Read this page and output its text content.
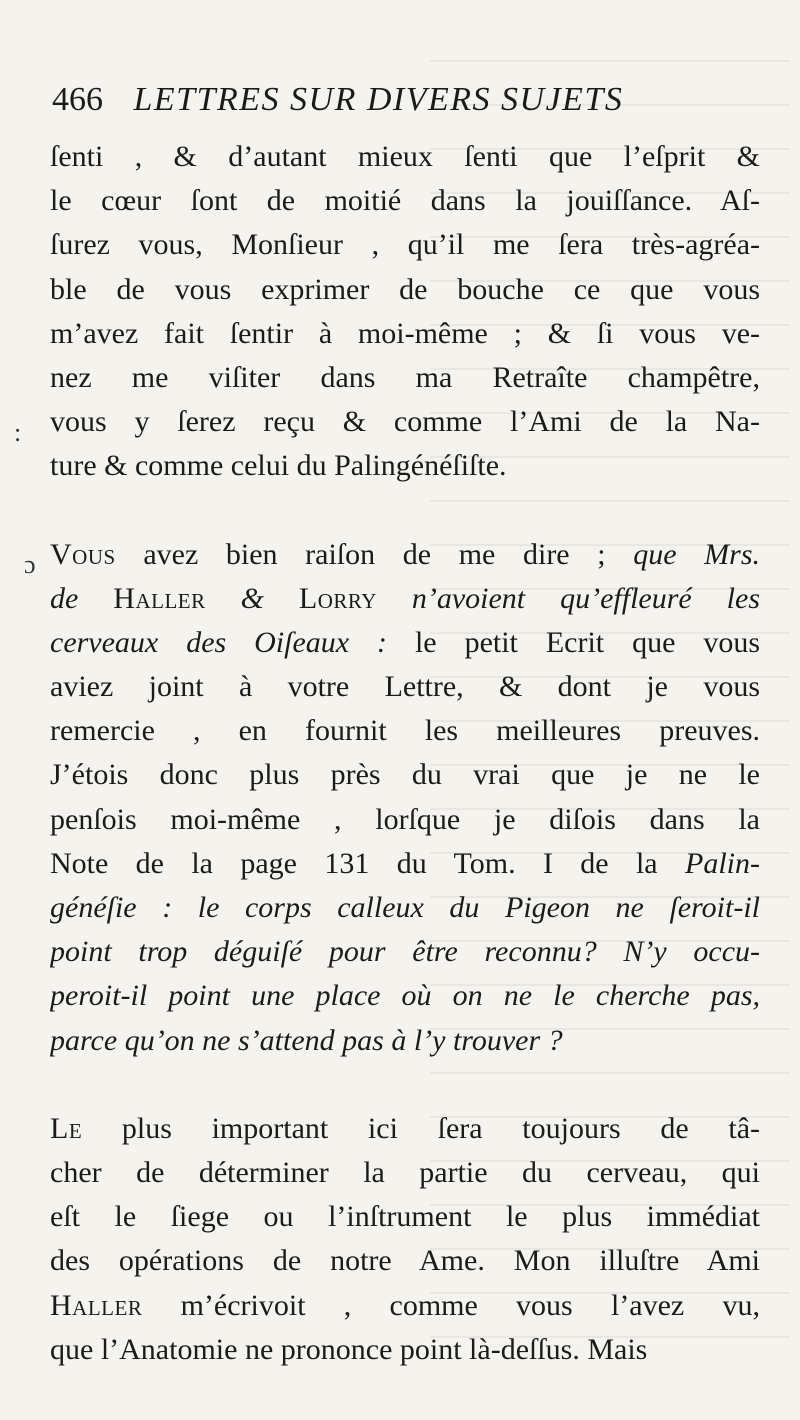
466 LETTRES SUR DIVERS SUJETS
:
ɔ
ſenti , & d’autant mieux ſenti que l’eſprit &
le cœur ſont de moitié dans la jouiſſance. Aſ-
ſurez vous, Monſieur , qu’il me ſera très-agréa-
ble de vous exprimer de bouche ce que vous
m’avez fait ſentir à moi-même ; & ſi vous ve-
nez me viſiter dans ma Retraîte champêtre,
vous y ſerez reçu & comme l’Ami de la Na-
ture & comme celui du Palingénéſiſte.
Vous avez bien raiſon de me dire ; que Mrs.
de Haller & Lorry n’avoient qu’effleuré les
cerveaux des Oiſeaux : le petit Ecrit que vous
aviez joint à votre Lettre, & dont je vous
remercie , en fournit les meilleures preuves.
J’étois donc plus près du vrai que je ne le
penſois moi-même , lorſque je diſois dans la
Note de la page 131 du Tom. I de la Palin-
généſie : le corps calleux du Pigeon ne ſeroit-il
point trop déguiſé pour être reconnu? N’y occu-
peroit-il point une place où on ne le cherche pas,
parce qu’on ne s’attend pas à l’y trouver ?
Le plus important ici ſera toujours de tâ-
cher de déterminer la partie du cerveau, qui
eſt le ſiege ou l’inſtrument le plus immédiat
des opérations de notre Ame. Mon illuſtre Ami
Haller m’écrivoit , comme vous l’avez vu,
que l’Anatomie ne prononce point là-deſſus. Mais
